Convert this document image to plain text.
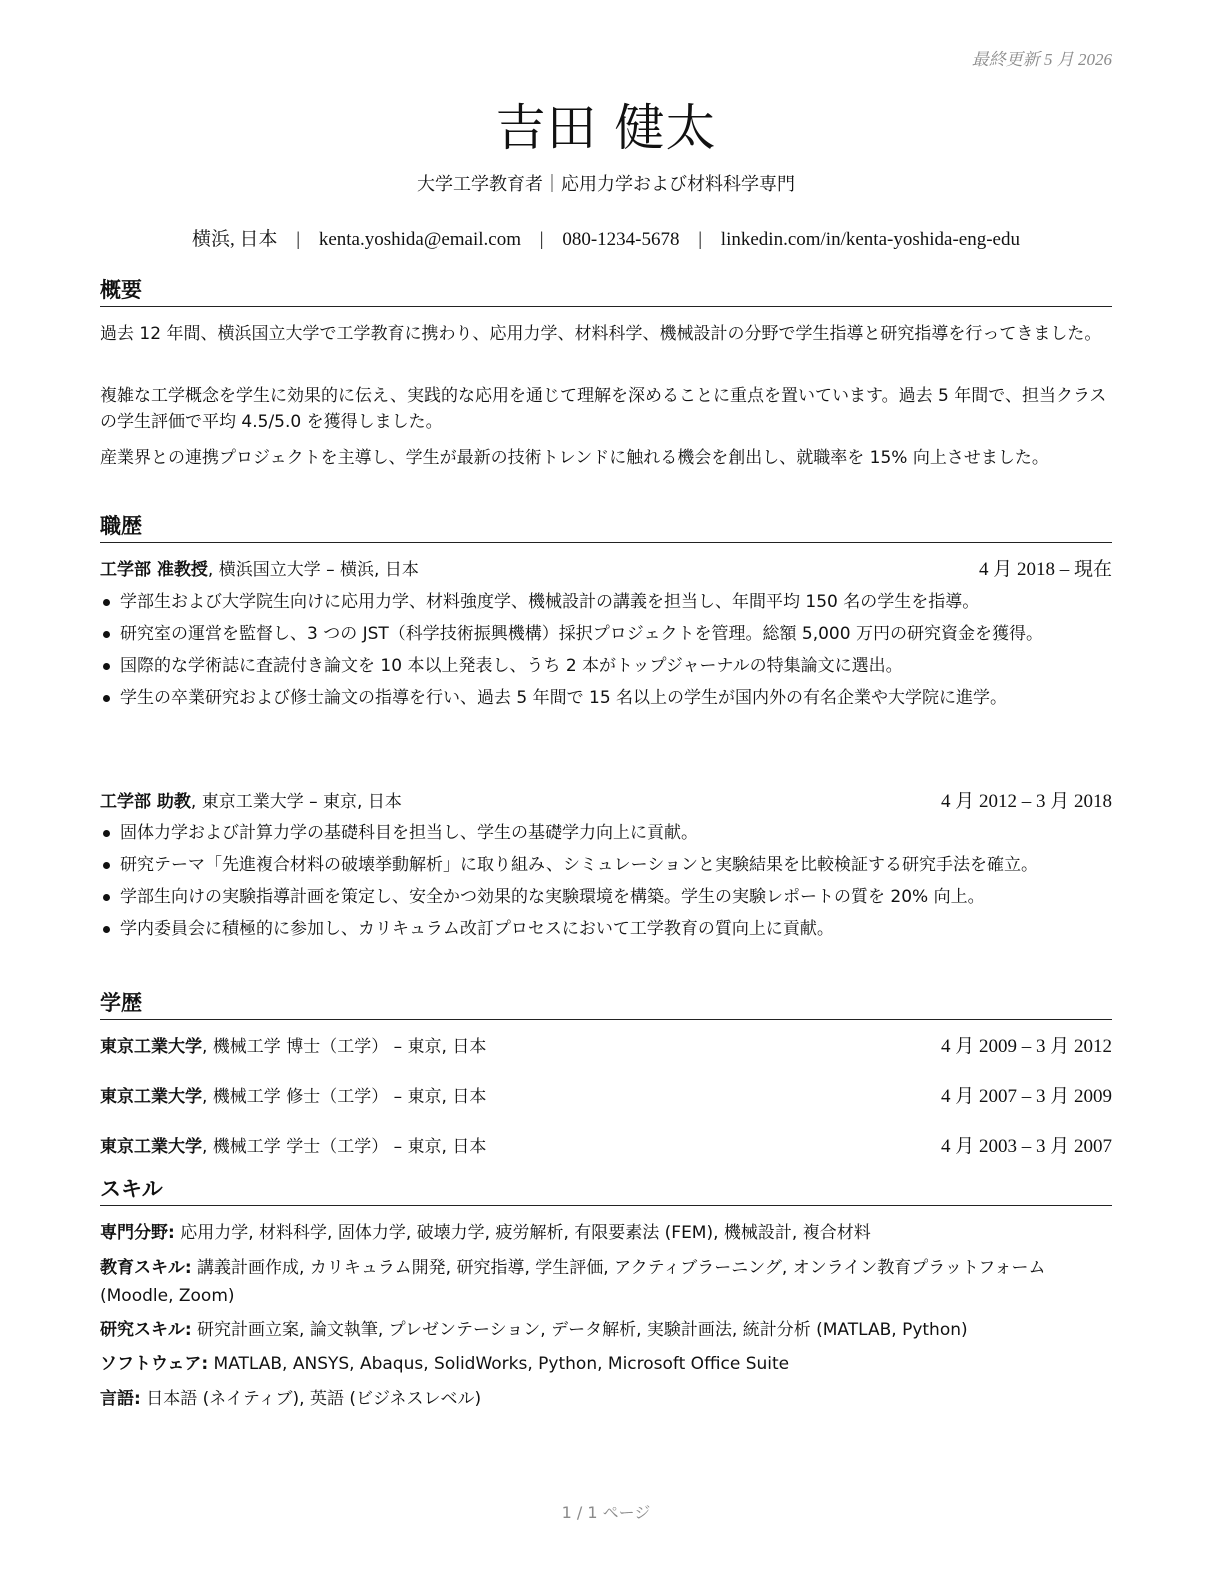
最終更新 5 月 2026
吉田 健太
大学工学教育者｜応用力学および材料科学専門
横浜, 日本 | kenta.yoshida@email.com | 080-1234-5678 | linkedin.com/in/kenta-yoshida-eng-edu
概要
過去 12 年間、横浜国立大学で工学教育に携わり、応用力学、材料科学、機械設計の分野で学生指導と研究指導を行ってきました。
複雑な工学概念を学生に効果的に伝え、実践的な応用を通じて理解を深めることに重点を置いています。過去 5 年間で、担当クラスの学生評価で平均 4.5/5.0 を獲得しました。
産業界との連携プロジェクトを主導し、学生が最新の技術トレンドに触れる機会を創出し、就職率を 15% 向上させました。
職歴
工学部 准教授, 横浜国立大学 – 横浜, 日本	4 月 2018 – 現在
学部生および大学院生向けに応用力学、材料強度学、機械設計の講義を担当し、年間平均 150 名の学生を指導。
研究室の運営を監督し、3 つの JST（科学技術振興機構）採択プロジェクトを管理。総額 5,000 万円の研究資金を獲得。
国際的な学術誌に査読付き論文を 10 本以上発表し、うち 2 本がトップジャーナルの特集論文に選出。
学生の卒業研究および修士論文の指導を行い、過去 5 年間で 15 名以上の学生が国内外の有名企業や大学院に進学。
工学部 助教, 東京工業大学 – 東京, 日本	4 月 2012 – 3 月 2018
固体力学および計算力学の基礎科目を担当し、学生の基礎学力向上に貢献。
研究テーマ「先進複合材料の破壊挙動解析」に取り組み、シミュレーションと実験結果を比較検証する研究手法を確立。
学部生向けの実験指導計画を策定し、安全かつ効果的な実験環境を構築。学生の実験レポートの質を 20% 向上。
学内委員会に積極的に参加し、カリキュラム改訂プロセスにおいて工学教育の質向上に貢献。
学歴
東京工業大学, 機械工学 博士（工学） – 東京, 日本	4 月 2009 – 3 月 2012
東京工業大学, 機械工学 修士（工学） – 東京, 日本	4 月 2007 – 3 月 2009
東京工業大学, 機械工学 学士（工学） – 東京, 日本	4 月 2003 – 3 月 2007
スキル
専門分野: 応用力学, 材料科学, 固体力学, 破壊力学, 疲労解析, 有限要素法 (FEM), 機械設計, 複合材料
教育スキル: 講義計画作成, カリキュラム開発, 研究指導, 学生評価, アクティブラーニング, オンライン教育プラットフォーム (Moodle, Zoom)
研究スキル: 研究計画立案, 論文執筆, プレゼンテーション, データ解析, 実験計画法, 統計分析 (MATLAB, Python)
ソフトウェア: MATLAB, ANSYS, Abaqus, SolidWorks, Python, Microsoft Office Suite
言語: 日本語 (ネイティブ), 英語 (ビジネスレベル)
1 / 1 ページ
